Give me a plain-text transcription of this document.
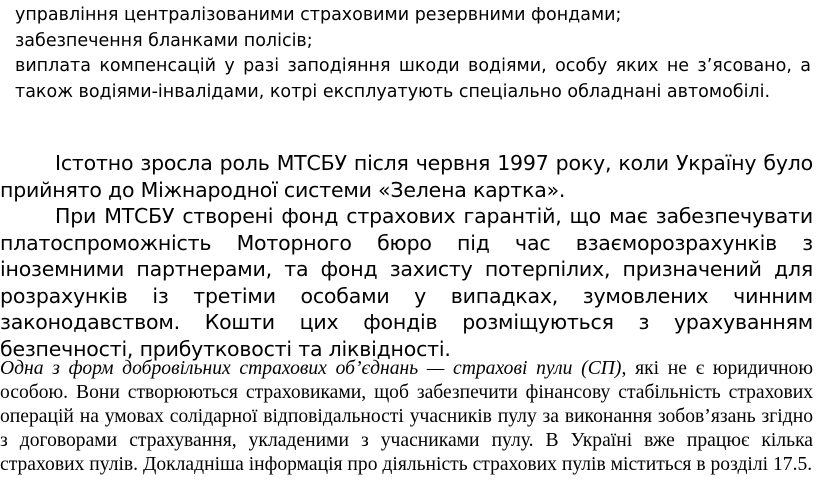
управління централізованими страховими резервними фондами;

забезпечення бланками полісів;

виплата компенсацій у разі заподіяння шкоди водіями, особу яких не з’ясовано, а також водіями-інвалідами, котрі експлуатують спеціально обладнані автомобілі.

Істотно зросла роль МТСБУ після червня 1997 року, коли Україну було прийнято до Міжнародної системи «Зелена картка».

При МТСБУ створені фонд страхових гарантій, що має забезпечувати платоспроможність Моторного бюро під час взаєморозрахунків з іноземними партнерами, та фонд захисту потерпілих, призначений для розрахунків із третіми особами у випадках, зумовлених чинним законодавством. Кошти цих фондів розміщуються з урахуванням безпечності, прибутковості та ліквідності.

Одна з форм добровільних страхових об’єднань — страхові пули (СП), які не є юридичною особою. Вони створюються страховиками, щоб забезпечити фінансову стабільність страхових операцій на умовах солідарної відповідальності учасників пулу за виконання зобов’язань згідно з договорами страхування, укладеними з учасниками пулу. В Україні вже працює кілька страхових пулів. Докладніша інформація про діяльність страхових пулів міститься в розділі 17.5.
